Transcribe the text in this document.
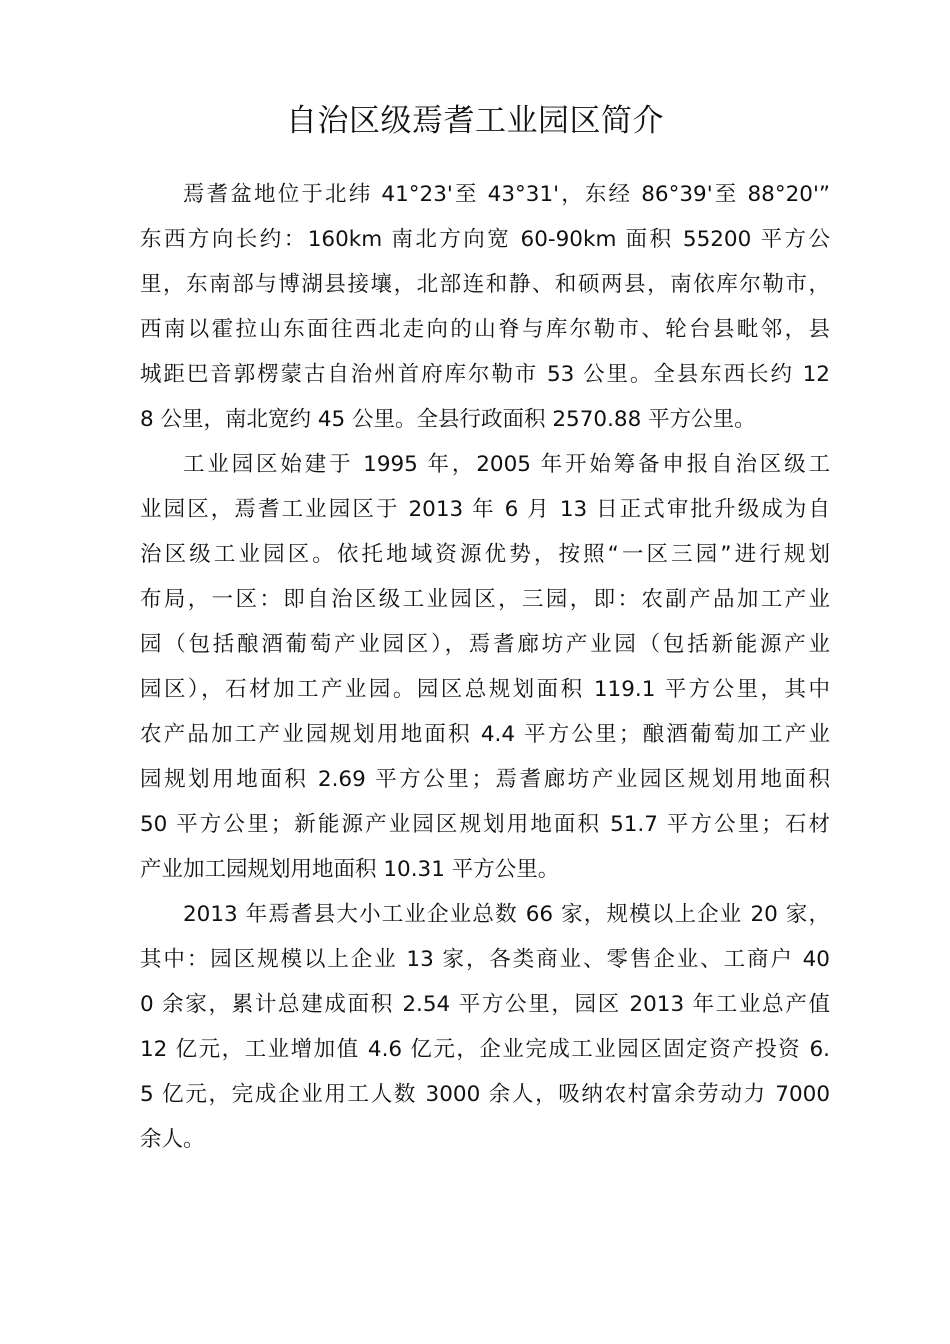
自治区级焉耆工业园区简介
焉耆盆地位于北纬 41°23'至 43°31'，东经 86°39'至 88°20'”
东西方向长约：160km 南北方向宽 60-90km 面积 55200 平方公
里，东南部与博湖县接壤，北部连和静、和硕两县，南依库尔勒市，
西南以霍拉山东面往西北走向的山脊与库尔勒市、轮台县毗邻，县
城距巴音郭楞蒙古自治州首府库尔勒市 53 公里。全县东西长约 12
8 公里，南北宽约 45 公里。全县行政面积 2570.88 平方公里。
工业园区始建于 1995 年，2005 年开始筹备申报自治区级工
业园区，焉耆工业园区于 2013 年 6 月 13 日正式审批升级成为自
治区级工业园区。依托地域资源优势，按照“一区三园”进行规划
布局，一区：即自治区级工业园区，三园，即：农副产品加工产业
园（包括酿酒葡萄产业园区），焉耆廊坊产业园（包括新能源产业
园区），石材加工产业园。园区总规划面积 119.1 平方公里，其中
农产品加工产业园规划用地面积 4.4 平方公里；酿酒葡萄加工产业
园规划用地面积 2.69 平方公里；焉耆廊坊产业园区规划用地面积
50 平方公里；新能源产业园区规划用地面积 51.7 平方公里；石材
产业加工园规划用地面积 10.31 平方公里。
2013 年焉耆县大小工业企业总数 66 家，规模以上企业 20 家，
其中：园区规模以上企业 13 家，各类商业、零售企业、工商户 40
0 余家，累计总建成面积 2.54 平方公里，园区 2013 年工业总产值
12 亿元，工业增加值 4.6 亿元，企业完成工业园区固定资产投资 6.
5 亿元，完成企业用工人数 3000 余人，吸纳农村富余劳动力 7000
余人。
